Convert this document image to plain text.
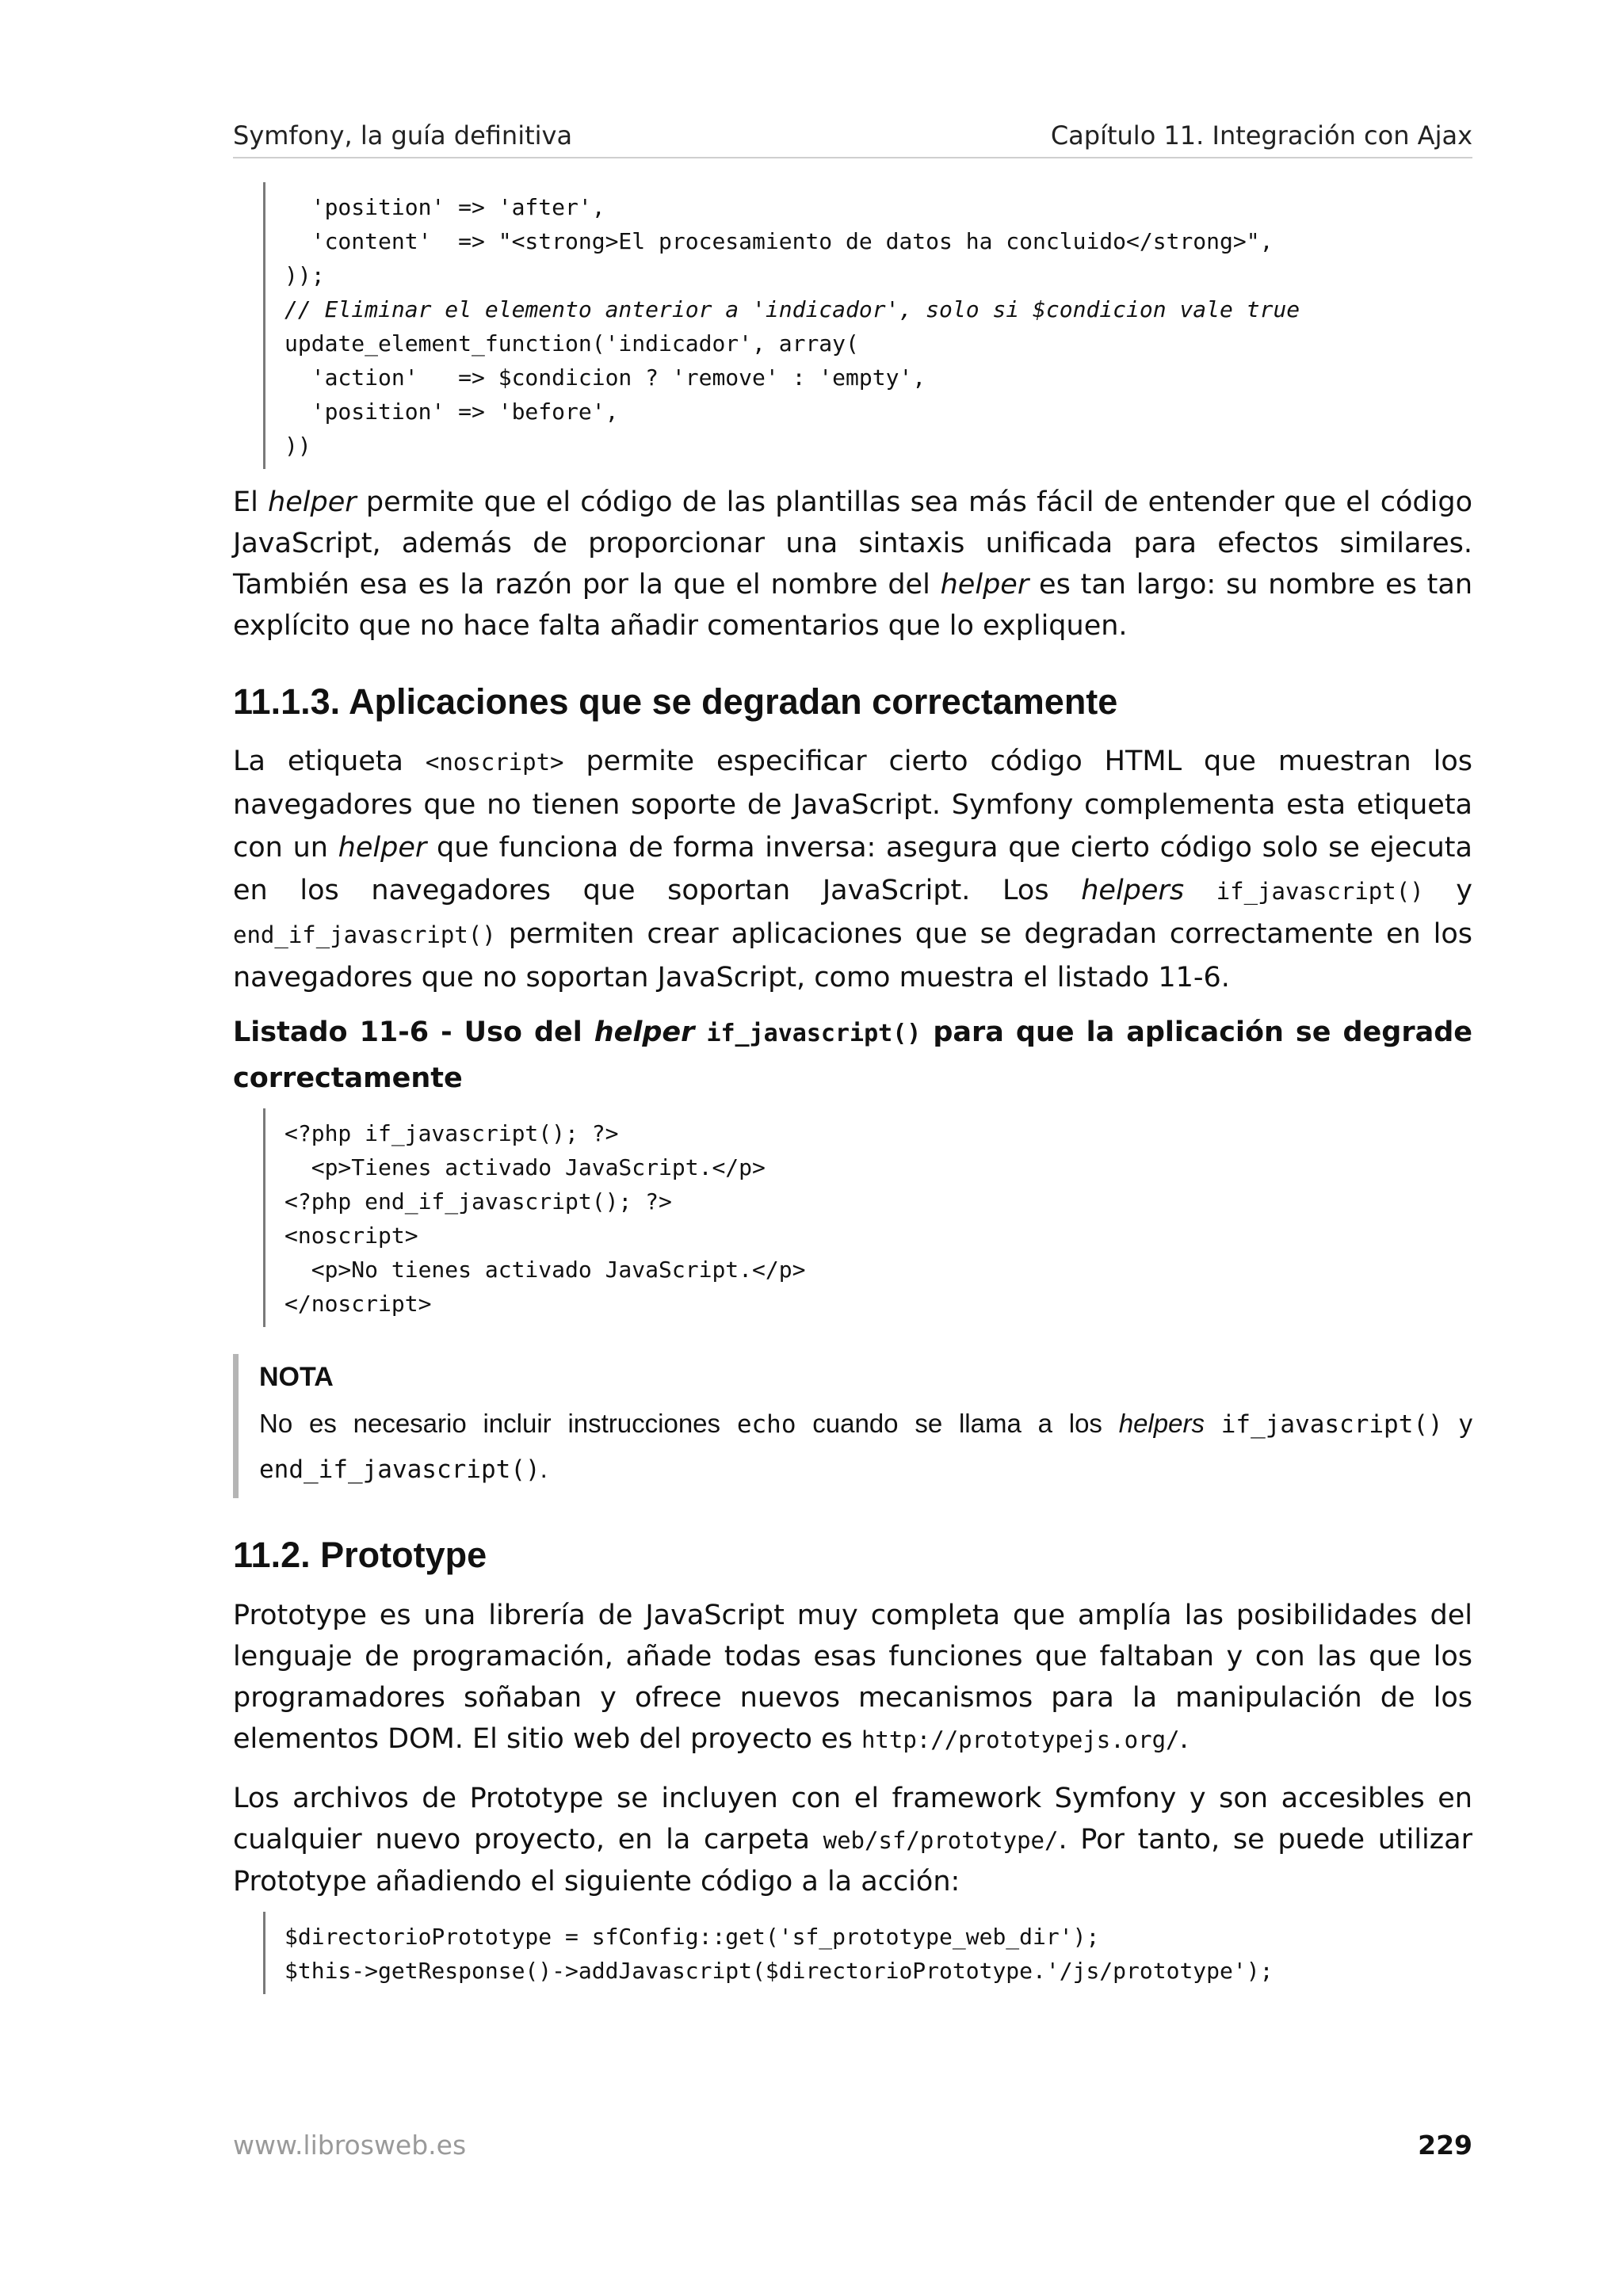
Symfony, la guía definitiva	Capítulo 11. Integración con Ajax
'position' => 'after',
'content'  => "<strong>El procesamiento de datos ha concluido</strong>",
));
// Eliminar el elemento anterior a 'indicador', solo si $condicion vale true
update_element_function('indicador', array(
'action'   => $condicion ? 'remove' : 'empty',
'position' => 'before',
))

El helper permite que el código de las plantillas sea más fácil de entender que el código JavaScript, además de proporcionar una sintaxis unificada para efectos similares. También esa es la razón por la que el nombre del helper es tan largo: su nombre es tan explícito que no hace falta añadir comentarios que lo expliquen.

11.1.3. Aplicaciones que se degradan correctamente

La etiqueta <noscript> permite especificar cierto código HTML que muestran los navegadores que no tienen soporte de JavaScript. Symfony complementa esta etiqueta con un helper que funciona de forma inversa: asegura que cierto código solo se ejecuta en los navegadores que soportan JavaScript. Los helpers if_javascript() y end_if_javascript() permiten crear aplicaciones que se degradan correctamente en los navegadores que no soportan JavaScript, como muestra el listado 11-6.

Listado 11-6 - Uso del helper if_javascript() para que la aplicación se degrade correctamente

<?php if_javascript(); ?>
<p>Tienes activado JavaScript.</p>
<?php end_if_javascript(); ?>
<noscript>
<p>No tienes activado JavaScript.</p>
</noscript>
NOTA
No es necesario incluir instrucciones echo cuando se llama a los helpers if_javascript() y end_if_javascript().
11.2. Prototype

Prototype es una librería de JavaScript muy completa que amplía las posibilidades del lenguaje de programación, añade todas esas funciones que faltaban y con las que los programadores soñaban y ofrece nuevos mecanismos para la manipulación de los elementos DOM. El sitio web del proyecto es http://prototypejs.org/.

Los archivos de Prototype se incluyen con el framework Symfony y son accesibles en cualquier nuevo proyecto, en la carpeta web/sf/prototype/. Por tanto, se puede utilizar Prototype añadiendo el siguiente código a la acción:

$directorioPrototype = sfConfig::get('sf_prototype_web_dir');
$this->getResponse()->addJavascript($directorioPrototype.'/js/prototype');
www.librosweb.es	229
